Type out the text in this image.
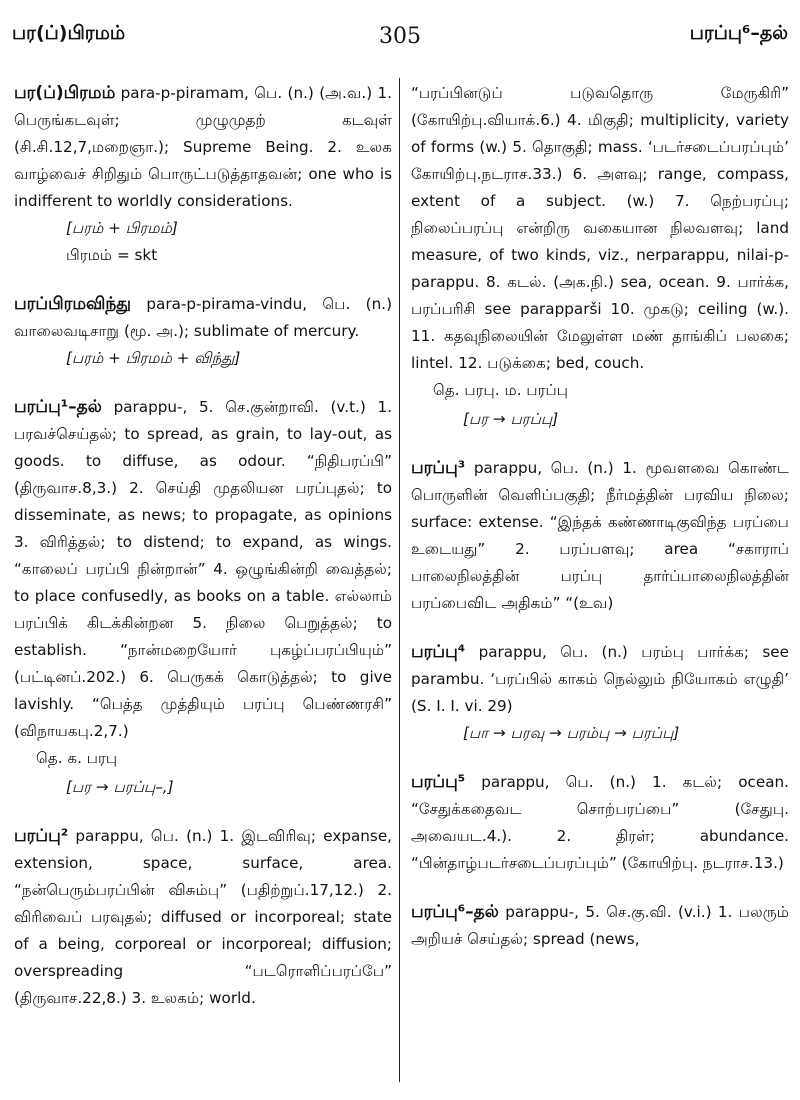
பர(ப்)பிரமம்	305	பரப்பு⁶–தல்

பர(ப்)பிரமம் para-p-piramam, பெ. (n.) (அ.வ.) 1. பெருங்கடவுள்; முழுமுதற் கடவுள் (சி.சி.12,7,மறைஞா.); Supreme Being. 2. உலக வாழ்வைச் சிறிதும் பொருட்படுத்தாதவன்; one who is indifferent to worldly considerations.

[பரம் + பிரமம்]

பிரமம் = skt

பரப்பிரமவிந்து para-p-pirama-vindu, பெ. (n.) வாலைவடிசாறு (மூ. அ.); sublimate of mercury.

[பரம் + பிரமம் + விந்து]

பரப்பு¹–தல் parappu-, 5. செ.குன்றாவி. (v.t.) 1. பரவச்செய்தல்; to spread, as grain, to lay-out, as goods. to diffuse, as odour. “நிதிபரப்பி” (திருவாச.8,3.) 2. செய்தி முதலியன பரப்புதல்; to disseminate, as news; to propagate, as opinions 3. விரித்தல்; to distend; to expand, as wings. “காலைப் பரப்பி நின்றான்” 4. ஒழுங்கின்றி வைத்தல்; to place confusedly, as books on a table. எல்லாம் பரப்பிக் கிடக்கின்றன 5. நிலை பெறுத்தல்; to establish. “நான்மறையோர் புகழ்ப்பரப்பியும்” (பட்டினப்.202.) 6. பெருகக் கொடுத்தல்; to give lavishly. “பெத்த முத்தியும் பரப்பு பெண்ணரசி” (விநாயகபு.2,7.)

தெ. க. பரபு

[பர → பரப்பு–,]

பரப்பு² parappu, பெ. (n.) 1. இடவிரிவு; expanse, extension, space, surface, area. “நன்பெரும்பரப்பின் விசும்பு” (பதிற்றுப்.17,12.) 2. விரிவைப் பரவுதல்; diffused or incorporeal; state of a being, corporeal or incorporeal; diffusion; overspreading “படரொளிப்பரப்பே” (திருவாச.22,8.) 3. உலகம்; world.

“பரப்பினடுப் படுவதொரு மேருகிரி” (கோயிற்பு.வியாக்.6.) 4. மிகுதி; multiplicity, variety of forms (w.) 5. தொகுதி; mass. ‘படர்சடைப்பரப்பும்’ கோயிற்பு.நடராச.33.) 6. அளவு; range, compass, extent of a subject. (w.) 7. நெற்பரப்பு; நிலைப்பரப்பு என்றிரு வகையான நிலவளவு; land measure, of two kinds, viz., nerparappu, nilai-p-parappu. 8. கடல். (அக.நி.) sea, ocean. 9. பார்க்க, பரப்பரிசி see parapparši 10. முகடு; ceiling (w.). 11. கதவுநிலையின் மேலுள்ள மண் தாங்கிப் பலகை; lintel. 12. படுக்கை; bed, couch.

தெ. பரபு. ம. பரப்பு

[பர → பரப்பு]

பரப்பு³ parappu, பெ. (n.) 1. மூவளவை கொண்ட பொருளின் வெளிப்பகுதி; நீர்மத்தின் பரவிய நிலை; surface: extense. “இந்தக் கண்ணாடிகுவிந்த பரப்பை உடையது” 2. பரப்பளவு; area “சகாராப் பாலைநிலத்தின் பரப்பு தார்ப்பாலைநிலத்தின் பரப்பைவிட அதிகம்” “(உவ)

பரப்பு⁴ parappu, பெ. (n.) பரம்பு பார்க்க; see parambu. ‘பரப்பில் காகம் நெல்லும் நியோகம் எழுதி’ (S. I. I. vi. 29)

[பா → பரவு → பரம்பு → பரப்பு]

பரப்பு⁵ parappu, பெ. (n.) 1. கடல்; ocean. “சேதுக்கதைவட சொற்பரப்பை” (சேதுபு. அவையட.4.). 2. திரள்; abundance. “பின்தாழ்படர்சடைப்பரப்பும்” (கோயிற்பு. நடராச.13.)

பரப்பு⁶–தல் parappu-, 5. செ.கு.வி. (v.i.) 1. பலரும் அறியச் செய்தல்; spread (news,
